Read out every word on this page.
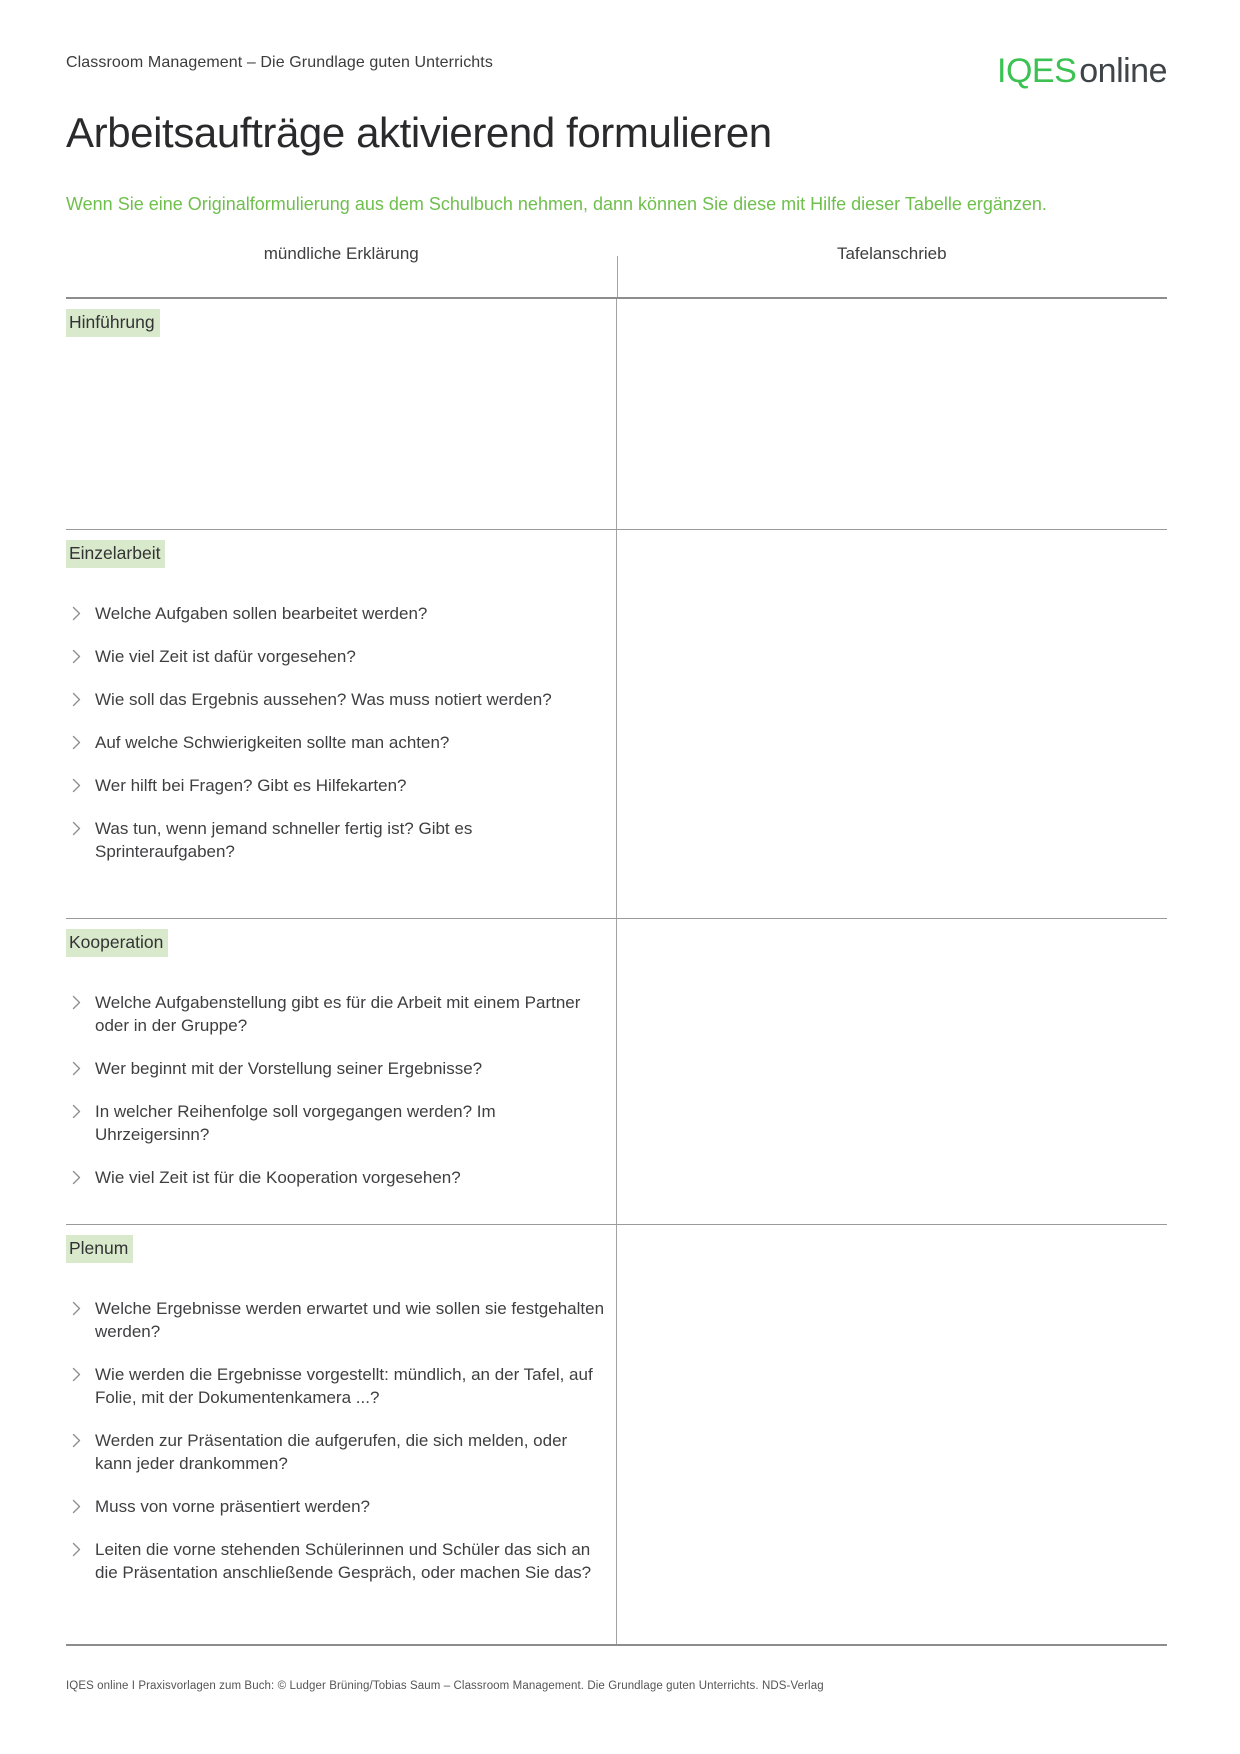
Classroom Management – Die Grundlage guten Unterrichts	IQESonline
Arbeitsaufträge aktivierend formulieren

Wenn Sie eine Originalformulierung aus dem Schulbuch nehmen, dann können Sie diese mit Hilfe dieser Tabelle ergänzen.

mündliche Erklärung	Tafelanschrieb
Hinführung
Einzelarbeit
Welche Aufgaben sollen bearbeitet werden?
Wie viel Zeit ist dafür vorgesehen?
Wie soll das Ergebnis aussehen? Was muss notiert werden?
Auf welche Schwierigkeiten sollte man achten?
Wer hilft bei Fragen? Gibt es Hilfekarten?
Was tun, wenn jemand schneller fertig ist? Gibt es Sprinteraufgaben?
Kooperation
Welche Aufgabenstellung gibt es für die Arbeit mit einem Partner oder in der Gruppe?
Wer beginnt mit der Vorstellung seiner Ergebnisse?
In welcher Reihenfolge soll vorgegangen werden? Im Uhrzeigersinn?
Wie viel Zeit ist für die Kooperation vorgesehen?
Plenum
Welche Ergebnisse werden erwartet und wie sollen sie festgehalten werden?
Wie werden die Ergebnisse vorgestellt: mündlich, an der Tafel, auf Folie, mit der Dokumentenkamera ...?
Werden zur Präsentation die aufgerufen, die sich melden, oder kann jeder drankommen?
Muss von vorne präsentiert werden?
Leiten die vorne stehenden Schülerinnen und Schüler das sich an die Präsentation anschließende Gespräch, oder machen Sie das?
IQES online I Praxisvorlagen zum Buch: © Ludger Brüning/Tobias Saum – Classroom Management. Die Grundlage guten Unterrichts. NDS-Verlag
